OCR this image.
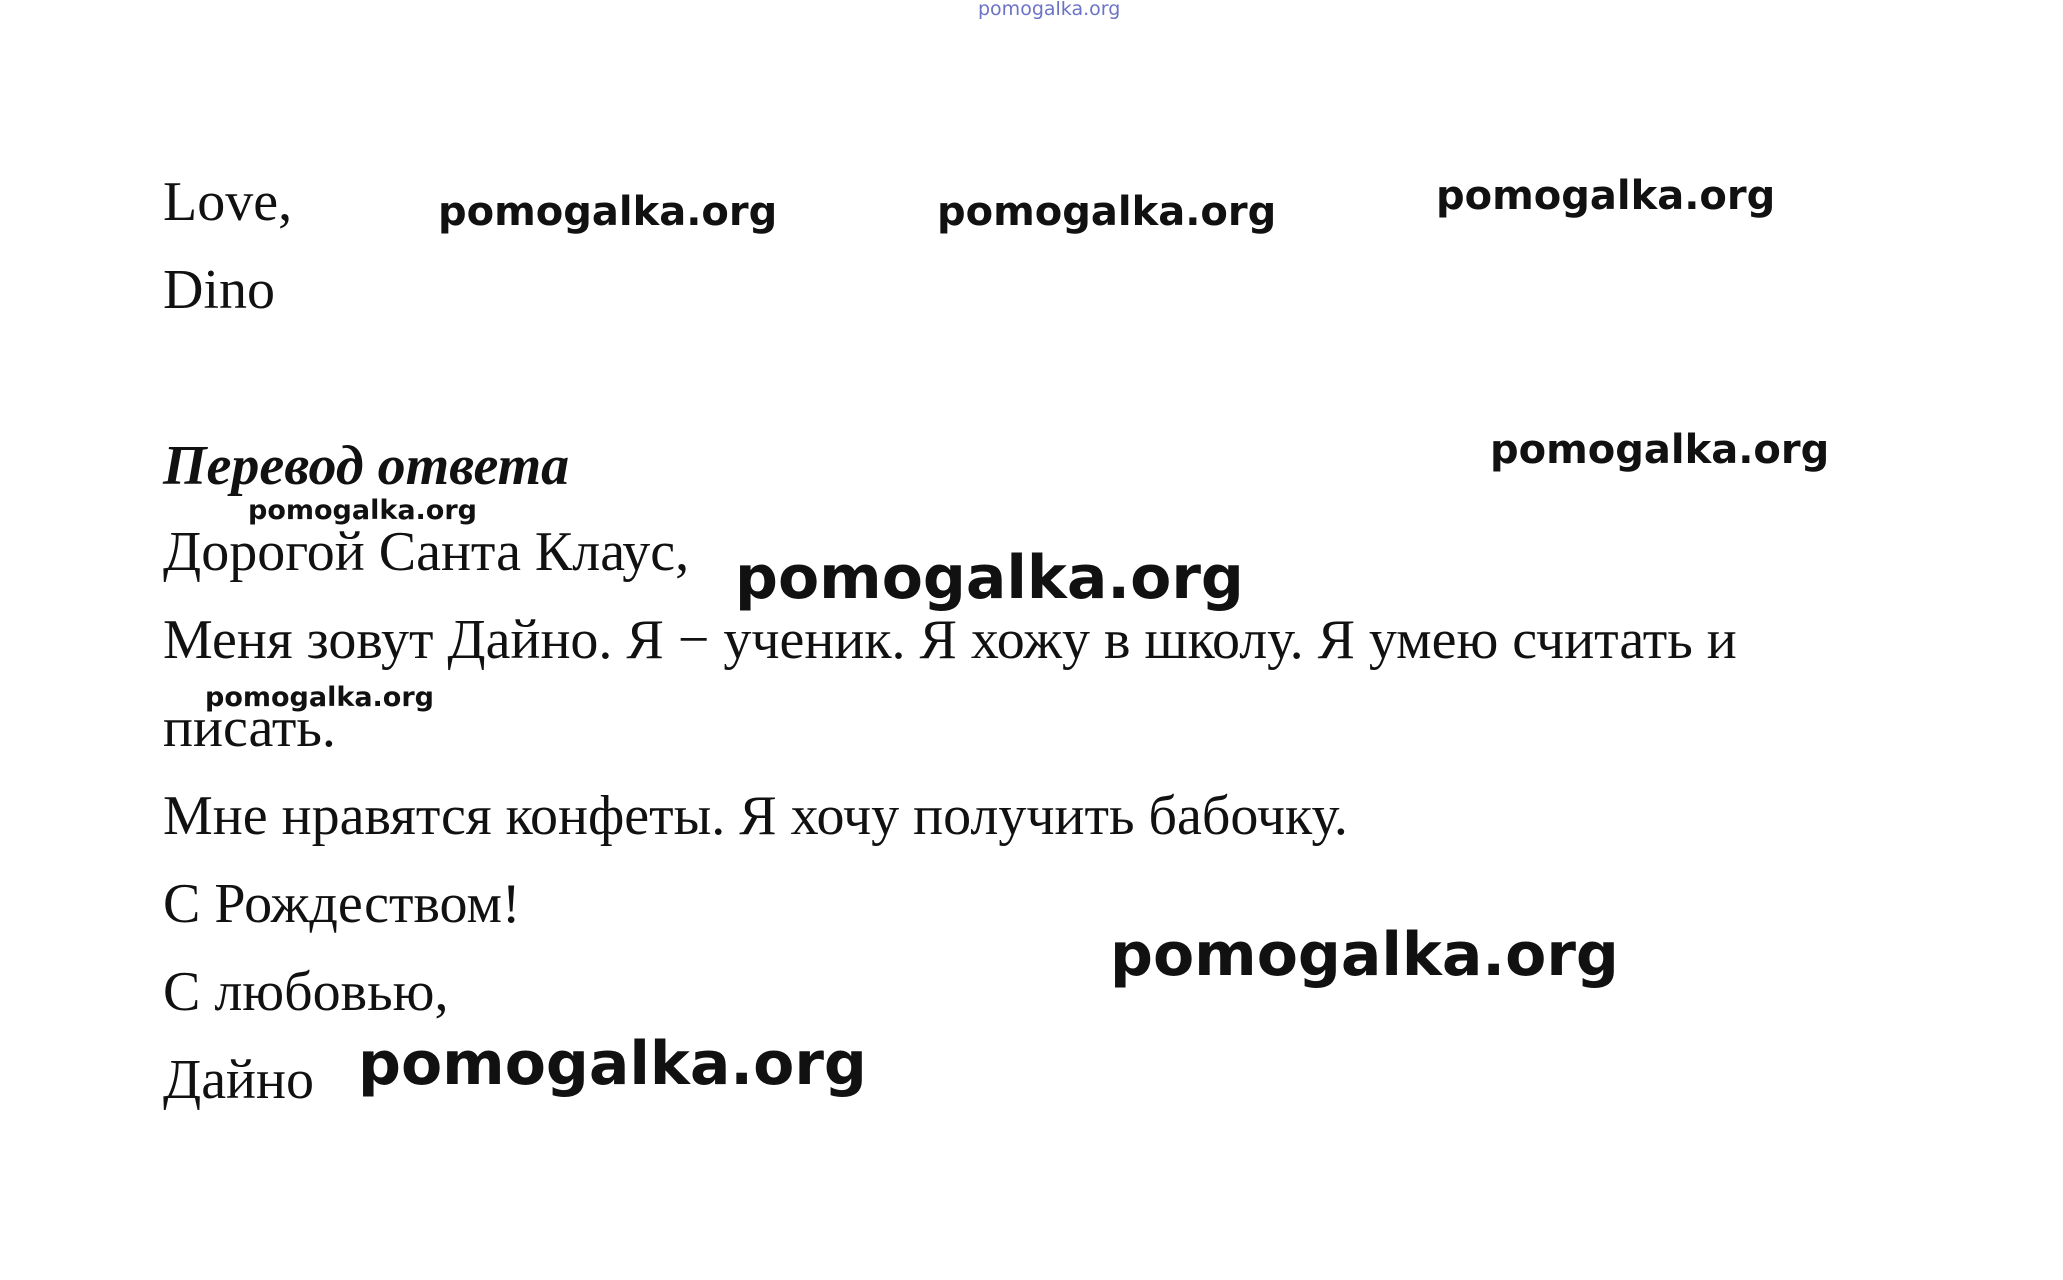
pomogalka.org
Love,
Dino
pomogalka.org	pomogalka.org	pomogalka.org
Перевод ответа	pomogalka.org
pomogalka.org
Дорогой Санта Клаус, pomogalka.org
Меня зовут Дайно. Я − ученик. Я хожу в школу. Я умею считать и
pomogalka.org
писать.
Мне нравятся конфеты. Я хочу получить бабочку.
С Рождеством!
pomogalka.org
С любовью,
Дайно pomogalka.org
